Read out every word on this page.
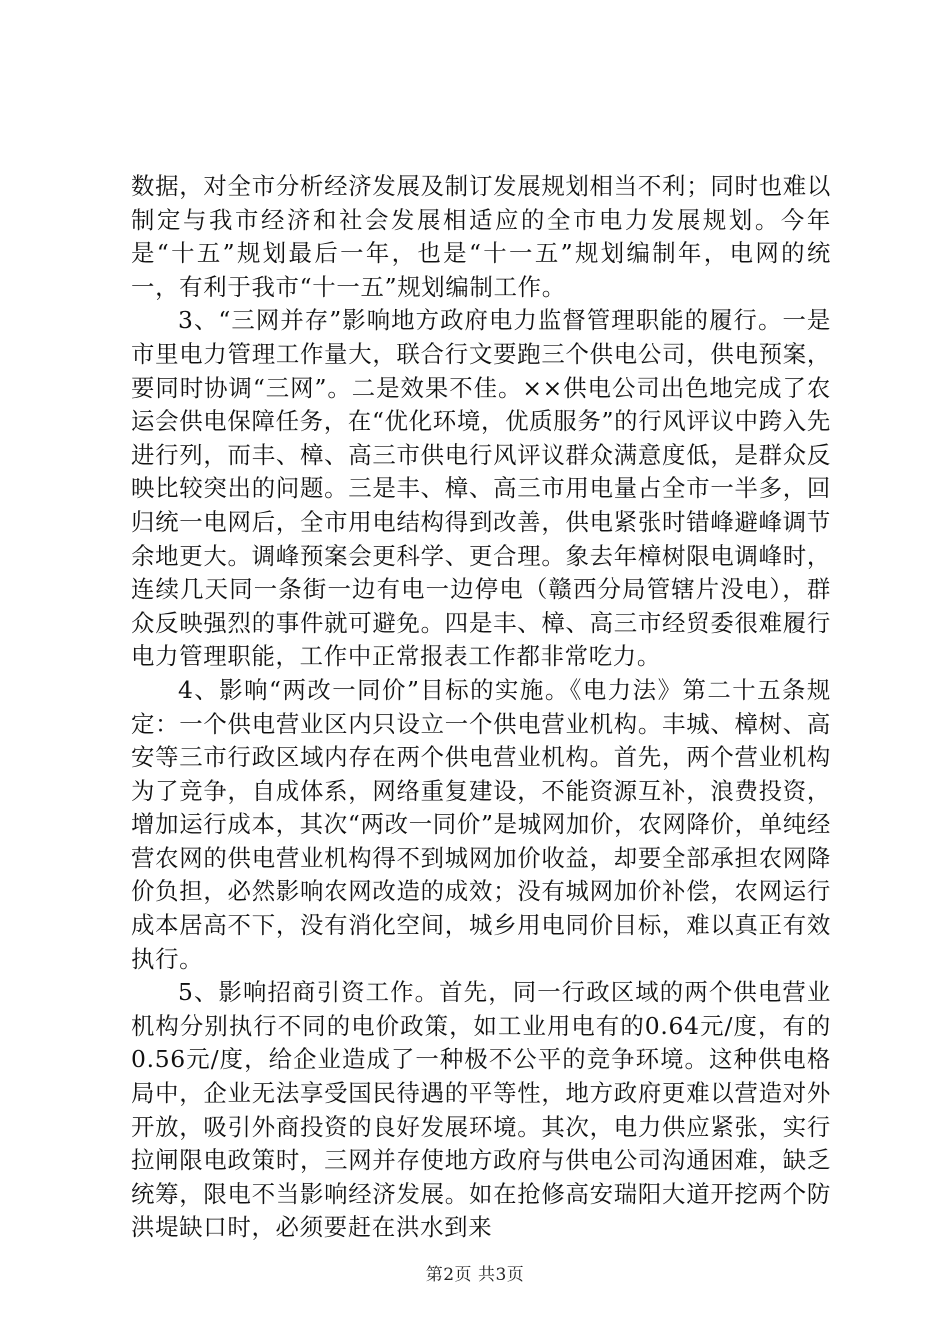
数据，对全市分析经济发展及制订发展规划相当不利；同时也难以制定与我市经济和社会发展相适应的全市电力发展规划。今年是“十五”规划最后一年，也是“十一五”规划编制年，电网的统一，有利于我市“十一五”规划编制工作。

3、“三网并存”影响地方政府电力监督管理职能的履行。一是市里电力管理工作量大，联合行文要跑三个供电公司，供电预案，要同时协调“三网”。二是效果不佳。××供电公司出色地完成了农运会供电保障任务，在“优化环境，优质服务”的行风评议中跨入先进行列，而丰、樟、高三市供电行风评议群众满意度低，是群众反映比较突出的问题。三是丰、樟、高三市用电量占全市一半多，回归统一电网后，全市用电结构得到改善，供电紧张时错峰避峰调节余地更大。调峰预案会更科学、更合理。象去年樟树限电调峰时，连续几天同一条街一边有电一边停电（赣西分局管辖片没电），群众反映强烈的事件就可避免。四是丰、樟、高三市经贸委很难履行电力管理职能，工作中正常报表工作都非常吃力。

4、影响“两改一同价”目标的实施。《电力法》第二十五条规定：一个供电营业区内只设立一个供电营业机构。丰城、樟树、高安等三市行政区域内存在两个供电营业机构。首先，两个营业机构为了竞争，自成体系，网络重复建设，不能资源互补，浪费投资，增加运行成本，其次“两改一同价”是城网加价，农网降价，单纯经营农网的供电营业机构得不到城网加价收益，却要全部承担农网降价负担，必然影响农网改造的成效；没有城网加价补偿，农网运行成本居高不下，没有消化空间，城乡用电同价目标，难以真正有效执行。

5、影响招商引资工作。首先，同一行政区域的两个供电营业机构分别执行不同的电价政策，如工业用电有的0.64元/度，有的0.56元/度，给企业造成了一种极不公平的竞争环境。这种供电格局中，企业无法享受国民待遇的平等性，地方政府更难以营造对外开放，吸引外商投资的良好发展环境。其次，电力供应紧张，实行拉闸限电政策时，三网并存使地方政府与供电公司沟通困难，缺乏统筹，限电不当影响经济发展。如在抢修高安瑞阳大道开挖两个防洪堤缺口时，必须要赶在洪水到来

第2页 共3页
